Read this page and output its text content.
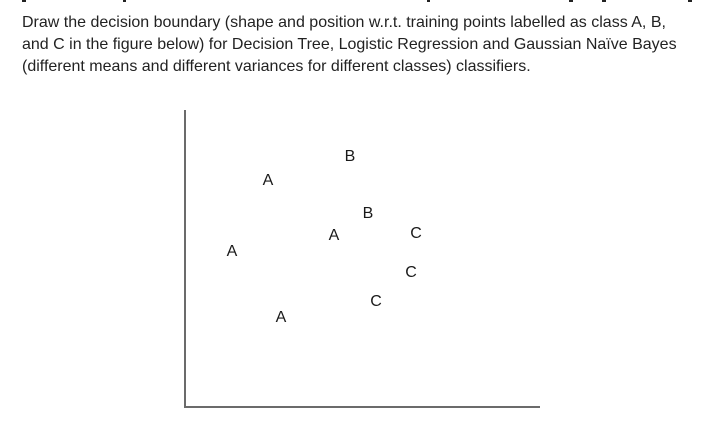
Draw the decision boundary (shape and position w.r.t. training points labelled as class A, B,
and C in the figure below) for Decision Tree, Logistic Regression and Gaussian Naïve Bayes
(different means and different variances for different classes) classifiers.

B
A
B
A	C
A
C
C
A
